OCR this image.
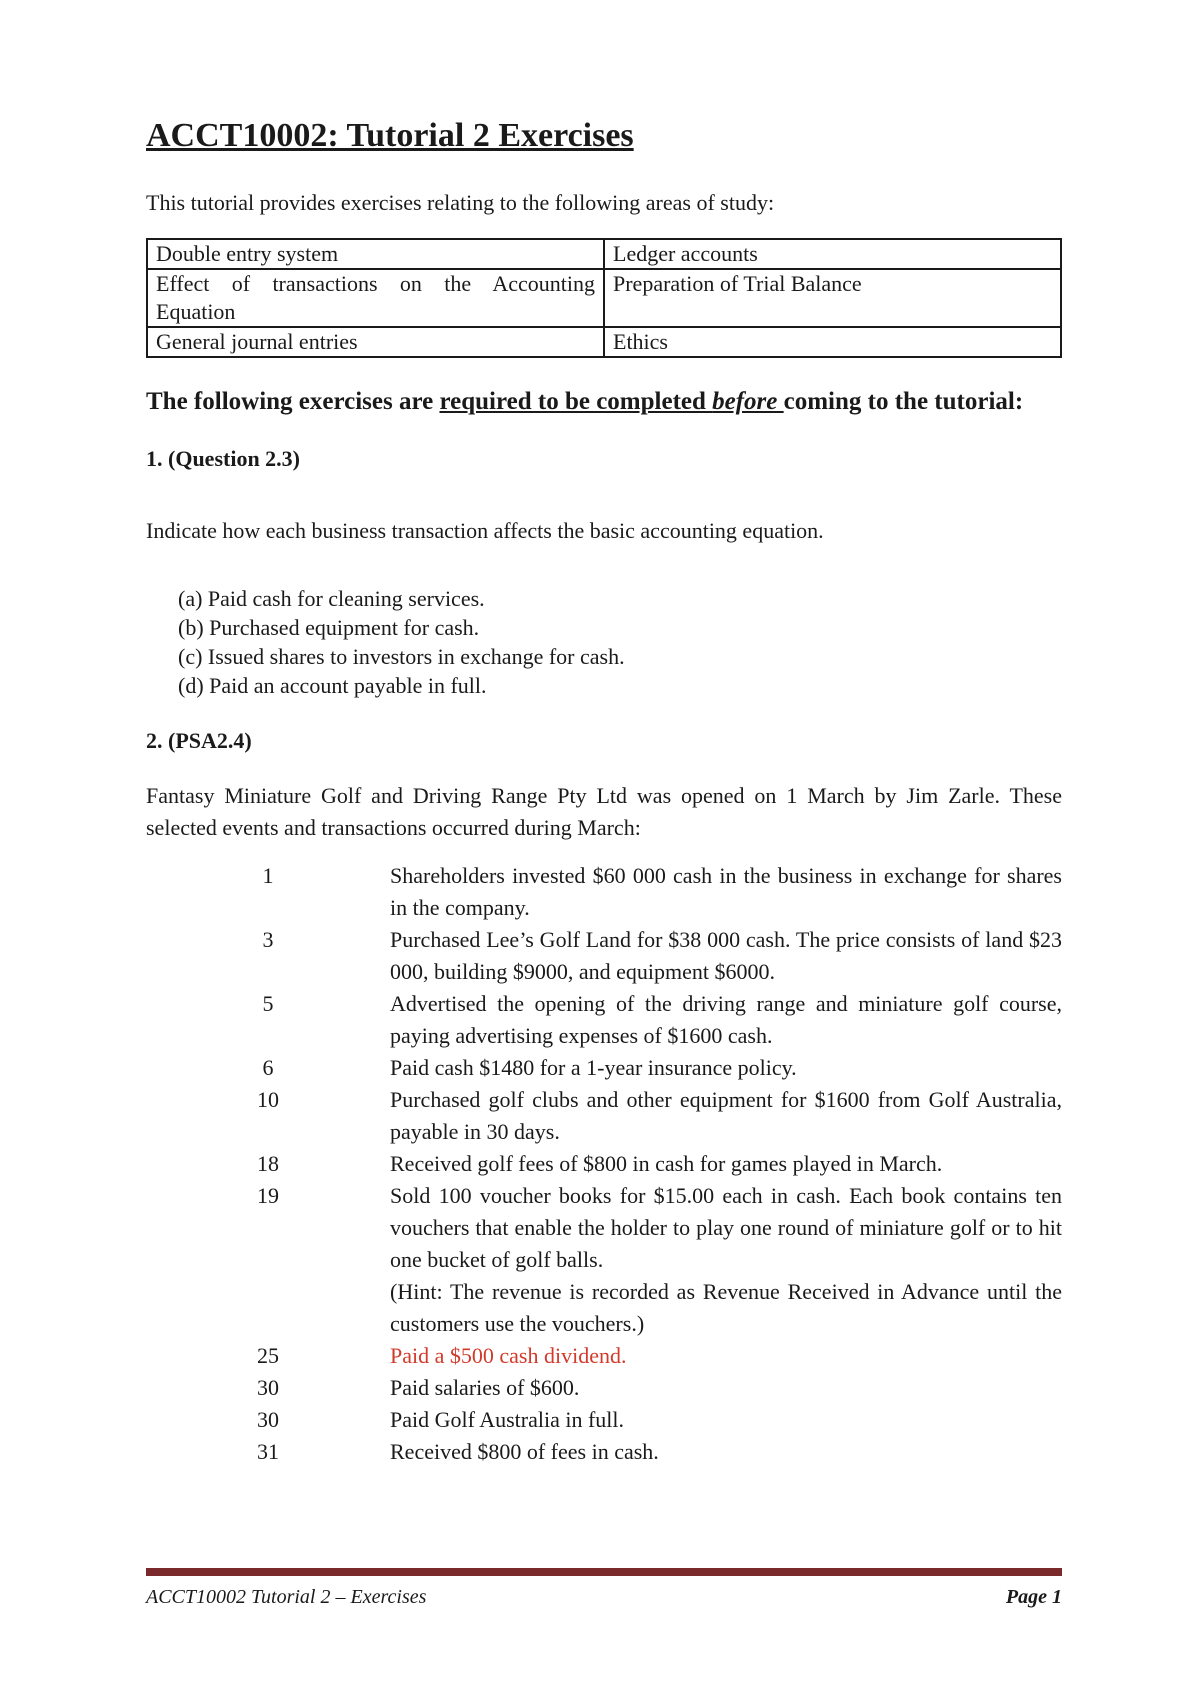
ACCT10002: Tutorial 2 Exercises
This tutorial provides exercises relating to the following areas of study:
Double entry system	Ledger accounts
Effect of transactions on the Accounting Equation	Preparation of Trial Balance
General journal entries	Ethics
The following exercises are required to be completed before coming to the tutorial:
1. (Question 2.3)
Indicate how each business transaction affects the basic accounting equation.
(a) Paid cash for cleaning services.
(b) Purchased equipment for cash.
(c) Issued shares to investors in exchange for cash.
(d) Paid an account payable in full.
2. (PSA2.4)
Fantasy Miniature Golf and Driving Range Pty Ltd was opened on 1 March by Jim Zarle. These selected events and transactions occurred during March:
1	Shareholders invested $60 000 cash in the business in exchange for shares in the company.
3	Purchased Lee’s Golf Land for $38 000 cash. The price consists of land $23 000, building $9000, and equipment $6000.
5	Advertised the opening of the driving range and miniature golf course, paying advertising expenses of $1600 cash.
6	Paid cash $1480 for a 1-year insurance policy.
10	Purchased golf clubs and other equipment for $1600 from Golf Australia, payable in 30 days.
18	Received golf fees of $800 in cash for games played in March.
19	Sold 100 voucher books for $15.00 each in cash. Each book contains ten vouchers that enable the holder to play one round of miniature golf or to hit one bucket of golf balls.
(Hint: The revenue is recorded as Revenue Received in Advance until the customers use the vouchers.)
25	Paid a $500 cash dividend.
30	Paid salaries of $600.
30	Paid Golf Australia in full.
31	Received $800 of fees in cash.
ACCT10002 Tutorial 2 – Exercises	Page 1
